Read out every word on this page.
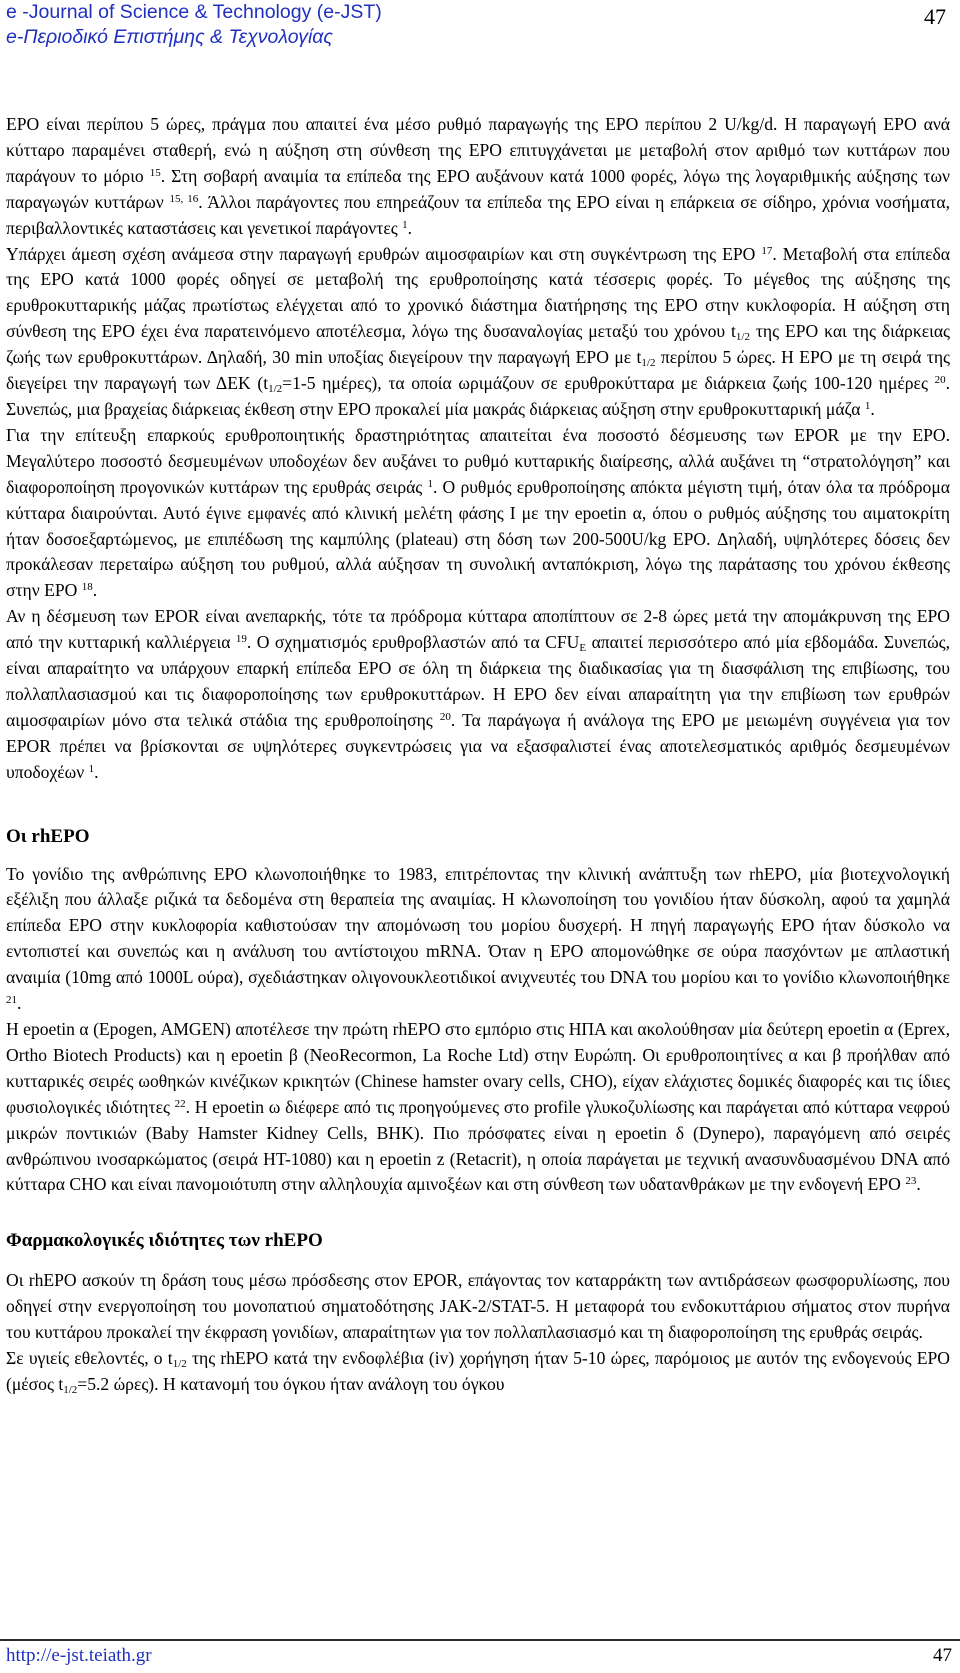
e -Journal of Science & Technology (e-JST)
e-Περιοδικό Επιστήμης & Τεχνολογίας
47

EPO είναι περίπου 5 ώρες, πράγμα που απαιτεί ένα μέσο ρυθμό παραγωγής της EPO περίπου 2 U/kg/d. Η παραγωγή EPO ανά κύτταρο παραμένει σταθερή, ενώ η αύξηση στη σύνθεση της EPO επιτυγχάνεται με μεταβολή στον αριθμό των κυττάρων που παράγουν το μόριο $^{15}$. Στη σοβαρή αναιμία τα επίπεδα της EPO αυξάνουν κατά 1000 φορές, λόγω της λογαριθμικής αύξησης των παραγωγών κυττάρων $^{15, 16}$. Άλλοι παράγοντες που επηρεάζουν τα επίπεδα της EPO είναι η επάρκεια σε σίδηρο, χρόνια νοσήματα, περιβαλλοντικές καταστάσεις και γενετικοί παράγοντες $^1$.

Υπάρχει άμεση σχέση ανάμεσα στην παραγωγή ερυθρών αιμοσφαιρίων και στη συγκέντρωση της EPO $^{17}$. Μεταβολή στα επίπεδα της EPO κατά 1000 φορές οδηγεί σε μεταβολή της ερυθροποίησης κατά τέσσερις φορές. Το μέγεθος της αύξησης της ερυθροκυτταρικής μάζας πρωτίστως ελέγχεται από το χρονικό διάστημα διατήρησης της EPO στην κυκλοφορία. Η αύξηση στη σύνθεση της EPO έχει ένα παρατεινόμενο αποτέλεσμα, λόγω της δυσαναλογίας μεταξύ του χρόνου $t_{1/2}$ της EPO και της διάρκειας ζωής των ερυθροκυττάρων. Δηλαδή, 30 min υποξίας διεγείρουν την παραγωγή EPO με $t_{1/2}$ περίπου 5 ώρες. Η EPO με τη σειρά της διεγείρει την παραγωγή των ΔΕΚ ($t_{1/2}=1-5$ ημέρες), τα οποία ωριμάζουν σε ερυθροκύτταρα με διάρκεια ζωής 100-120 ημέρες $^{20}$. Συνεπώς, μια βραχείας διάρκειας έκθεση στην EPO προκαλεί μία μακράς διάρκειας αύξηση στην ερυθροκυτταρική μάζα $^1$.

Για την επίτευξη επαρκούς ερυθροποιητικής δραστηριότητας απαιτείται ένα ποσοστό δέσμευσης των EPOR με την EPO. Μεγαλύτερο ποσοστό δεσμευμένων υποδοχέων δεν αυξάνει το ρυθμό κυτταρικής διαίρεσης, αλλά αυξάνει τη “στρατολόγηση” και διαφοροποίηση προγονικών κυττάρων της ερυθράς σειράς $^1$. Ο ρυθμός ερυθροποίησης απόκτα μέγιστη τιμή, όταν όλα τα πρόδρομα κύτταρα διαιρούνται. Αυτό έγινε εμφανές από κλινική μελέτη φάσης I με την epoetin α, όπου ο ρυθμός αύξησης του αιματοκρίτη ήταν δοσοεξαρτώμενος, με επιπέδωση της καμπύλης (plateau) στη δόση των 200-500U/kg EPO. Δηλαδή, υψηλότερες δόσεις δεν προκάλεσαν περεταίρω αύξηση του ρυθμού, αλλά αύξησαν τη συνολική ανταπόκριση, λόγω της παράτασης του χρόνου έκθεσης στην EPO $^{18}$.

Αν η δέσμευση των EPOR είναι ανεπαρκής, τότε τα πρόδρομα κύτταρα αποπίπτουν σε 2-8 ώρες μετά την απομάκρυνση της EPO από την κυτταρική καλλιέργεια $^{19}$. Ο σχηματισμός ερυθροβλαστών από τα $CFU_E$ απαιτεί περισσότερο από μία εβδομάδα. Συνεπώς, είναι απαραίτητο να υπάρχουν επαρκή επίπεδα EPO σε όλη τη διάρκεια της διαδικασίας για τη διασφάλιση της επιβίωσης, του πολλαπλασιασμού και τις διαφοροποίησης των ερυθροκυττάρων. Η EPO δεν είναι απαραίτητη για την επιβίωση των ερυθρών αιμοσφαιρίων μόνο στα τελικά στάδια της ερυθροποίησης $^{20}$. Τα παράγωγα ή ανάλογα της EPO με μειωμένη συγγένεια για τον EPOR πρέπει να βρίσκονται σε υψηλότερες συγκεντρώσεις για να εξασφαλιστεί ένας αποτελεσματικός αριθμός δεσμευμένων υποδοχέων $^1$.

Οι rhEPO

Το γονίδιο της ανθρώπινης EPO κλωνοποιήθηκε το 1983, επιτρέποντας την κλινική ανάπτυξη των rhEPO, μία βιοτεχνολογική εξέλιξη που άλλαξε ριζικά τα δεδομένα στη θεραπεία της αναιμίας. Η κλωνοποίηση του γονιδίου ήταν δύσκολη, αφού τα χαμηλά επίπεδα EPO στην κυκλοφορία καθιστούσαν την απομόνωση του μορίου δυσχερή. Η πηγή παραγωγής EPO ήταν δύσκολο να εντοπιστεί και συνεπώς και η ανάλυση του αντίστοιχου mRNA. Όταν η EPO απομονώθηκε σε ούρα πασχόντων με απλαστική αναιμία (10mg από 1000L ούρα), σχεδιάστηκαν ολιγονουκλεοτιδικοί ανιχνευτές του DNA του μορίου και το γονίδιο κλωνοποιήθηκε $^{21}$.

Η epoetin α (Epogen, AMGEN) αποτέλεσε την πρώτη rhEPO στο εμπόριο στις ΗΠΑ και ακολούθησαν μία δεύτερη epoetin α (Eprex, Ortho Biotech Products) και η epoetin β (NeoRecormon, La Roche Ltd) στην Ευρώπη. Οι ερυθροποιητίνες α και β προήλθαν από κυτταρικές σειρές ωοθηκών κινέζικων κρικητών (Chinese hamster ovary cells, CHO), είχαν ελάχιστες δομικές διαφορές και τις ίδιες φυσιολογικές ιδιότητες $^{22}$. Η epoetin ω διέφερε από τις προηγούμενες στο profile γλυκοζυλίωσης και παράγεται από κύτταρα νεφρού μικρών ποντικιών (Baby Hamster Kidney Cells, BHK). Πιο πρόσφατες είναι η epoetin δ (Dynepo), παραγόμενη από σειρές ανθρώπινου ινοσαρκώματος (σειρά HT-1080) και η epoetin z (Retacrit), η οποία παράγεται με τεχνική ανασυνδυασμένου DNA από κύτταρα CHO και είναι πανομοιότυπη στην αλληλουχία αμινοξέων και στη σύνθεση των υδατανθράκων με την ενδογενή EPO $^{23}$.

Φαρμακολογικές ιδιότητες των rhEPO

Οι rhEPO ασκούν τη δράση τους μέσω πρόσδεσης στον EPOR, επάγοντας τον καταρράκτη των αντιδράσεων φωσφορυλίωσης, που οδηγεί στην ενεργοποίηση του μονοπατιού σηματοδότησης JAK-2/STAT-5. Η μεταφορά του ενδοκυττάριου σήματος στον πυρήνα του κυττάρου προκαλεί την έκφραση γονιδίων, απαραίτητων για τον πολλαπλασιασμό και τη διαφοροποίηση της ερυθράς σειράς.

Σε υγιείς εθελοντές, ο $t_{1/2}$ της rhEPO κατά την ενδοφλέβια (iv) χορήγηση ήταν 5-10 ώρες, παρόμοιος με αυτόν της ενδογενούς EPO (μέσος $t_{1/2}=5.2$ ώρες). Η κατανομή του όγκου ήταν ανάλογη του όγκου

http://e-jst.teiath.gr	47
